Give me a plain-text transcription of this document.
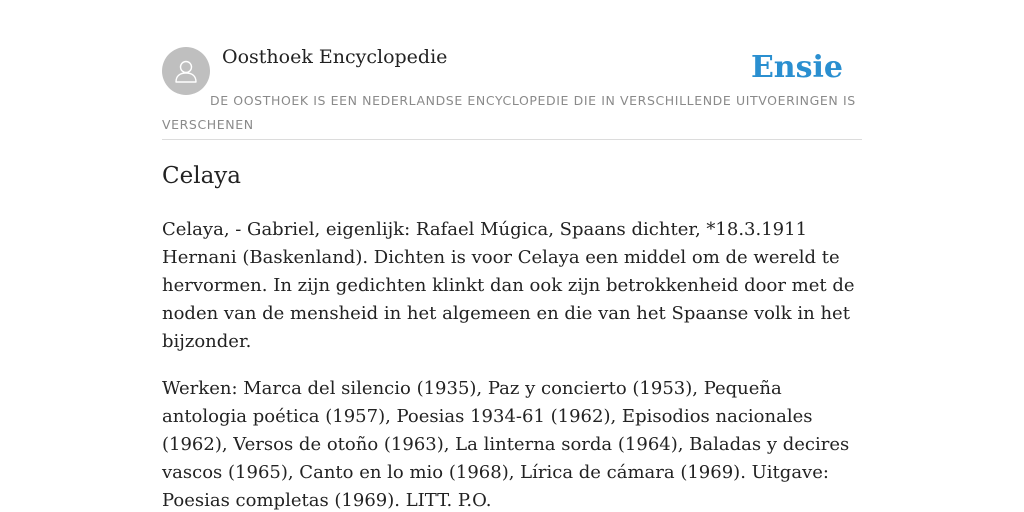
Oosthoek Encyclopedie	Ensie
DE OOSTHOEK IS EEN NEDERLANDSE ENCYCLOPEDIE DIE IN VERSCHILLENDE UITVOERINGEN IS VERSCHENEN
Celaya

Celaya, - Gabriel, eigenlijk: Rafael Múgica, Spaans dichter, *18.3.1911 Hernani (Baskenland). Dichten is voor Celaya een middel om de wereld te hervormen. In zijn gedichten klinkt dan ook zijn betrokkenheid door met de noden van de mensheid in het algemeen en die van het Spaanse volk in het bijzonder.

Werken: Marca del silencio (1935), Paz y concierto (1953), Pequeña antologia poética (1957), Poesias 1934-61 (1962), Episodios nacionales (1962), Versos de otoño (1963), La linterna sorda (1964), Baladas y decires vascos (1965), Canto en lo mio (1968), Lírica de cámara (1969). Uitgave: Poesias completas (1969). LITT. P.O.
